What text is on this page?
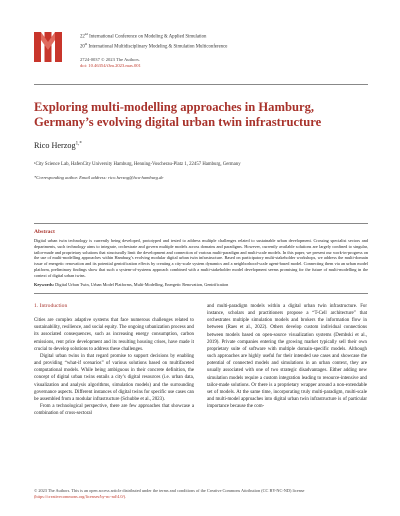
22nd International Conference on Modeling & Applied Simulation
20th International Multidisciplinary Modeling & Simulation Multiconference
2724-0037 © 2023 The Authors.
doi: 10.46354/i3m.2023.mas.001
Exploring multi-modelling approaches in Hamburg, Germany’s evolving digital urban twin infrastructure
Rico Herzog$^{1,*}$
¹City Science Lab, HafenCity University Hamburg, Henning-Voscherau-Platz 1, 22457 Hamburg, Germany
*Corresponding author. Email address: rico.herzog@hcu-hamburg.de
Abstract
Digital urban twin technology is currently being developed, prototyped and tested to address multiple challenges related to sustainable urban development. Crossing specialist sectors and departments, such technology aims to integrate, orchestrate and govern multiple models across domains and paradigms. However, currently available solutions are largely confined to singular, tailor-made and proprietary solutions that structurally limit the development and connection of various multi-paradigm and multi-scale models. In this paper, we present our work-in-progress on the use of multi-modelling approaches within Hamburg’s evolving modular digital urban twin infrastructure. Based on participatory multi-stakeholder workshops, we address the multi-domain issue of energetic renovation and its potential gentrification effects by creating a city-scale system dynamics and a neighborhood-scale agent-based model. Connecting them via an urban model platform, preliminary findings show that such a system-of-systems approach combined with a multi-stakeholder model development seems promising for the future of multi-modelling in the context of digital urban twins.
Keywords: Digital Urban Twin, Urban Model Platforms, Multi-Modelling, Energetic Renovation, Gentrification
1. Introduction

Cities are complex adaptive systems that face numerous challenges related to sustainability, resilience, and social equity. The ongoing urbanization process and its associated consequences, such as increasing energy consumption, carbon emissions, rent price development and its resulting housing crises, have made it crucial to develop solutions to address these challenges.

Digital urban twins in that regard promise to support decisions by enabling and providing “what-if scenarios” of various solutions based on multifaceted computational models. While being ambiguous in their concrete definition, the concept of digital urban twins entails a city’s digital resources (i.e. urban data, visualization and analysis algorithms, simulation models) and the surrounding governance aspects. Different instances of digital twins for specific use cases can be assembled from a modular infrastructure (Schubbe et al., 2023).

From a technological perspective, there are few approaches that showcase a combination of cross-sectoral

and multi-paradigm models within a digital urban twin infrastructure. For instance, scholars and practitioners propose a “T-Cell architecture” that orchestrates multiple simulation models and brokers the information flow in between (Raes et al., 2022). Others develop custom individual connections between models based on open-source visualization systems (Dembski et al., 2019). Private companies entering the growing market typically sell their own proprietary suite of software with multiple domain-specific models. Although such approaches are highly useful for their intended use cases and showcase the potential of connected models and simulations in an urban context, they are usually associated with one of two strategic disadvantages. Either adding new simulation models require a custom integration leading to resource-intensive and tailor-made solutions. Or there is a proprietary wrapper around a non-extendable set of models. At the same time, incorporating truly multi-paradigm, multi-scale and multi-model approaches into digital urban twin infrastructure is of particular importance because the com-

© 2023 The Authors. This is an open access article distributed under the terms and conditions of the Creative Commons Attribution (CC BY-NC-ND) license (https://creativecommons.org/licenses/by-nc-nd/4.0/).
